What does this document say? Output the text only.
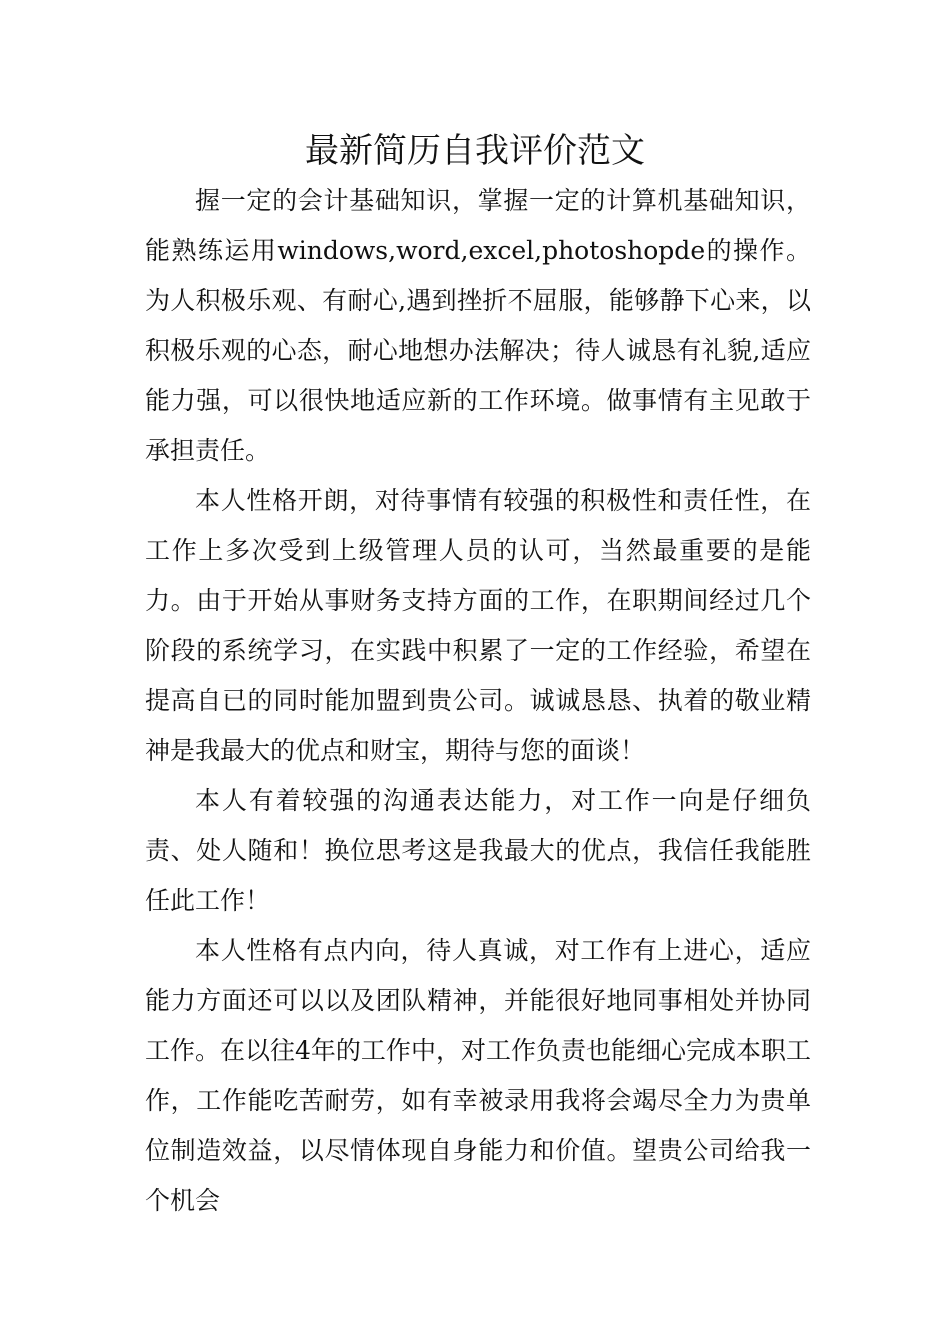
最新简历自我评价范文

握一定的会计基础知识，掌握一定的计算机基础知识，能熟练运用windows,word,excel,photoshopde的操作。为人积极乐观、有耐心,遇到挫折不屈服，能够静下心来，以积极乐观的心态，耐心地想办法解决；待人诚恳有礼貌,适应能力强，可以很快地适应新的工作环境。做事情有主见敢于承担责任。

本人性格开朗，对待事情有较强的积极性和责任性，在工作上多次受到上级管理人员的认可，当然最重要的是能力。由于开始从事财务支持方面的工作，在职期间经过几个阶段的系统学习，在实践中积累了一定的工作经验，希望在提高自已的同时能加盟到贵公司。诚诚恳恳、执着的敬业精神是我最大的优点和财宝，期待与您的面谈！

本人有着较强的沟通表达能力，对工作一向是仔细负责、处人随和！换位思考这是我最大的优点，我信任我能胜任此工作！

本人性格有点内向，待人真诚，对工作有上进心，适应能力方面还可以以及团队精神，并能很好地同事相处并协同工作。在以往4年的工作中，对工作负责也能细心完成本职工作，工作能吃苦耐劳，如有幸被录用我将会竭尽全力为贵单位制造效益，以尽情体现自身能力和价值。望贵公司给我一个机会
